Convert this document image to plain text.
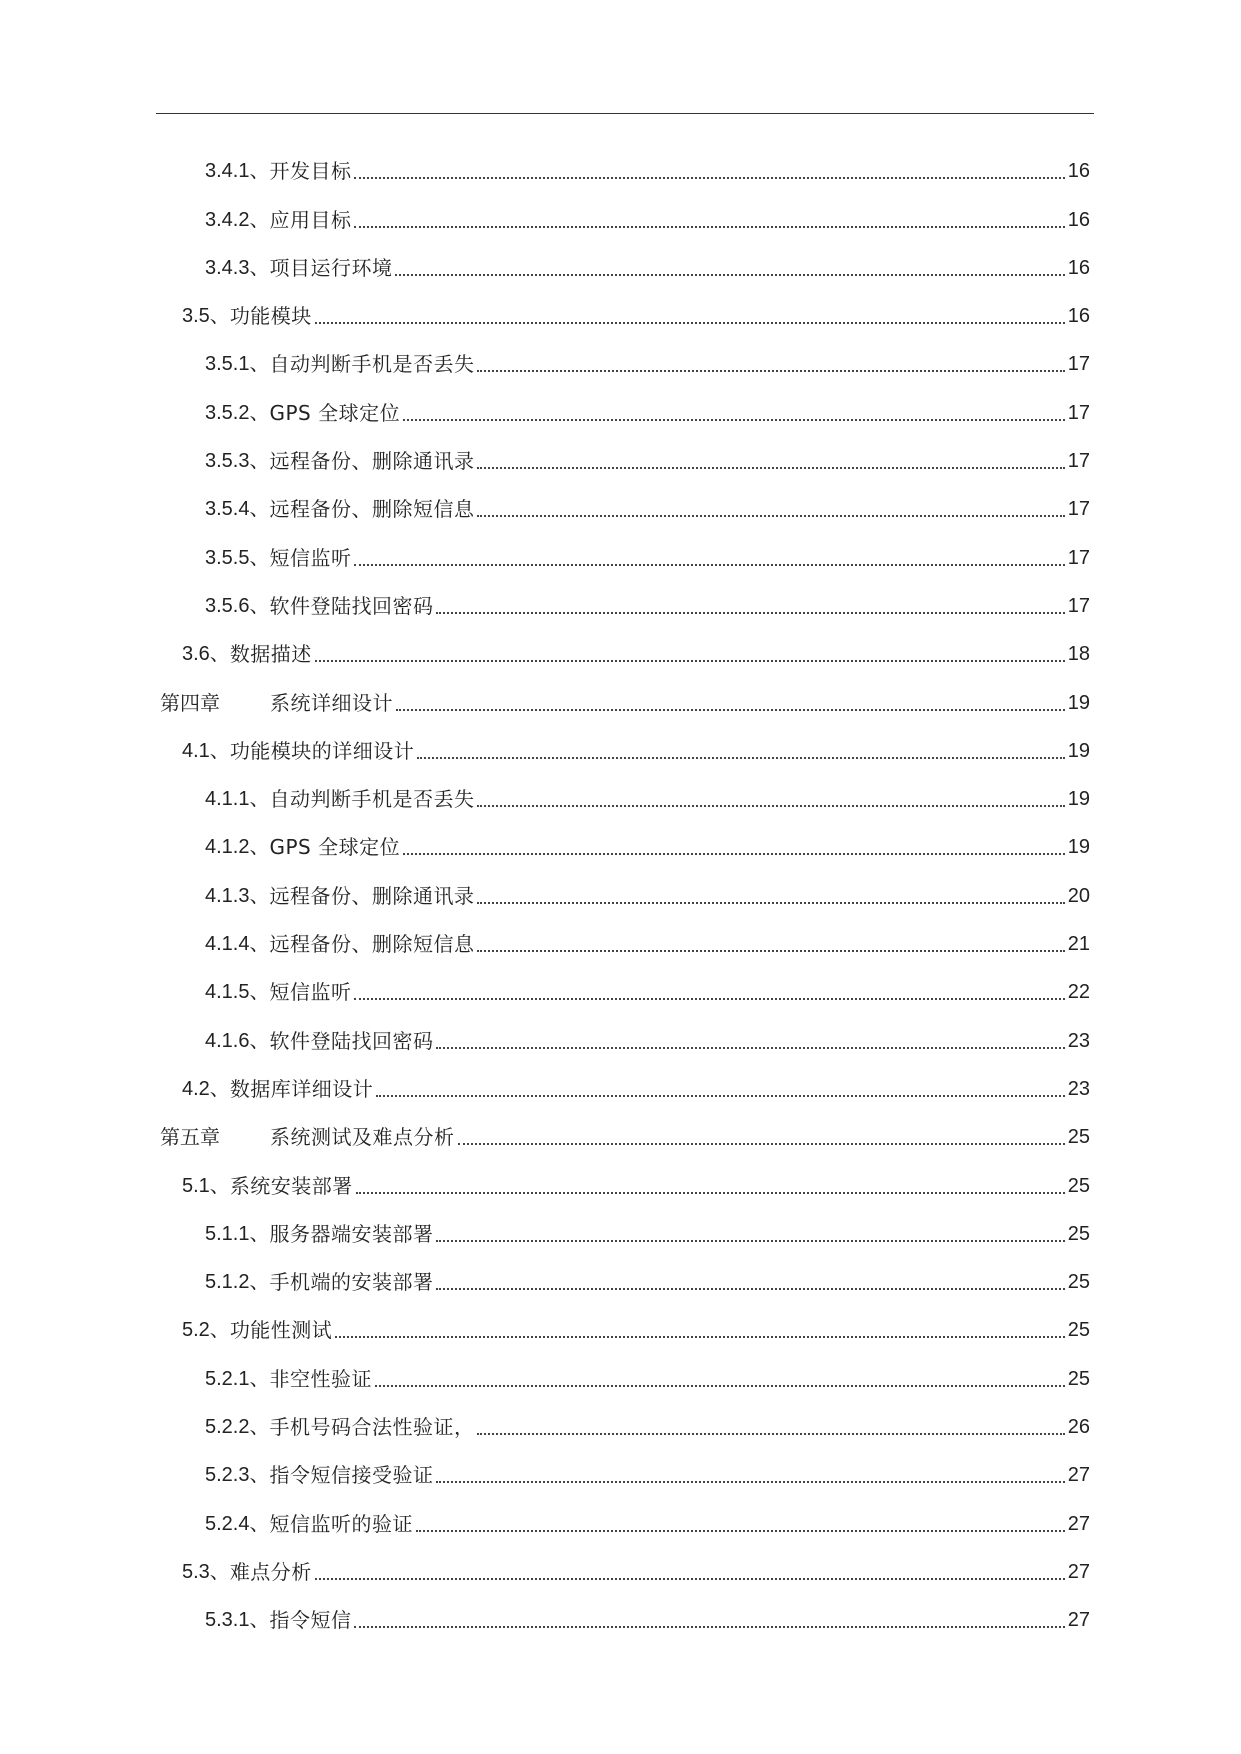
3.4.1、 开发目标	16
3.4.2、 应用目标	16
3.4.3、 项目运行环境	16
3.5、 功能模块	16
3.5.1、 自动判断手机是否丢失	17
3.5.2、 GPS 全球定位	17
3.5.3、 远程备份、删除通讯录	17
3.5.4、 远程备份、删除短信息	17
3.5.5、 短信监听	17
3.5.6、 软件登陆找回密码	17
3.6、 数据描述	18
第四章	系统详细设计	19
4.1、 功能模块的详细设计	19
4.1.1、 自动判断手机是否丢失	19
4.1.2、 GPS 全球定位	19
4.1.3、 远程备份、删除通讯录	20
4.1.4、 远程备份、删除短信息	21
4.1.5、 短信监听	22
4.1.6、 软件登陆找回密码	23
4.2、 数据库详细设计	23
第五章	系统测试及难点分析	25
5.1、 系统安装部署	25
5.1.1、 服务器端安装部署	25
5.1.2、 手机端的安装部署	25
5.2、 功能性测试	25
5.2.1、 非空性验证	25
5.2.2、 手机号码合法性验证，	26
5.2.3、 指令短信接受验证	27
5.2.4、 短信监听的验证	27
5.3、 难点分析	27
5.3.1、 指令短信	27
